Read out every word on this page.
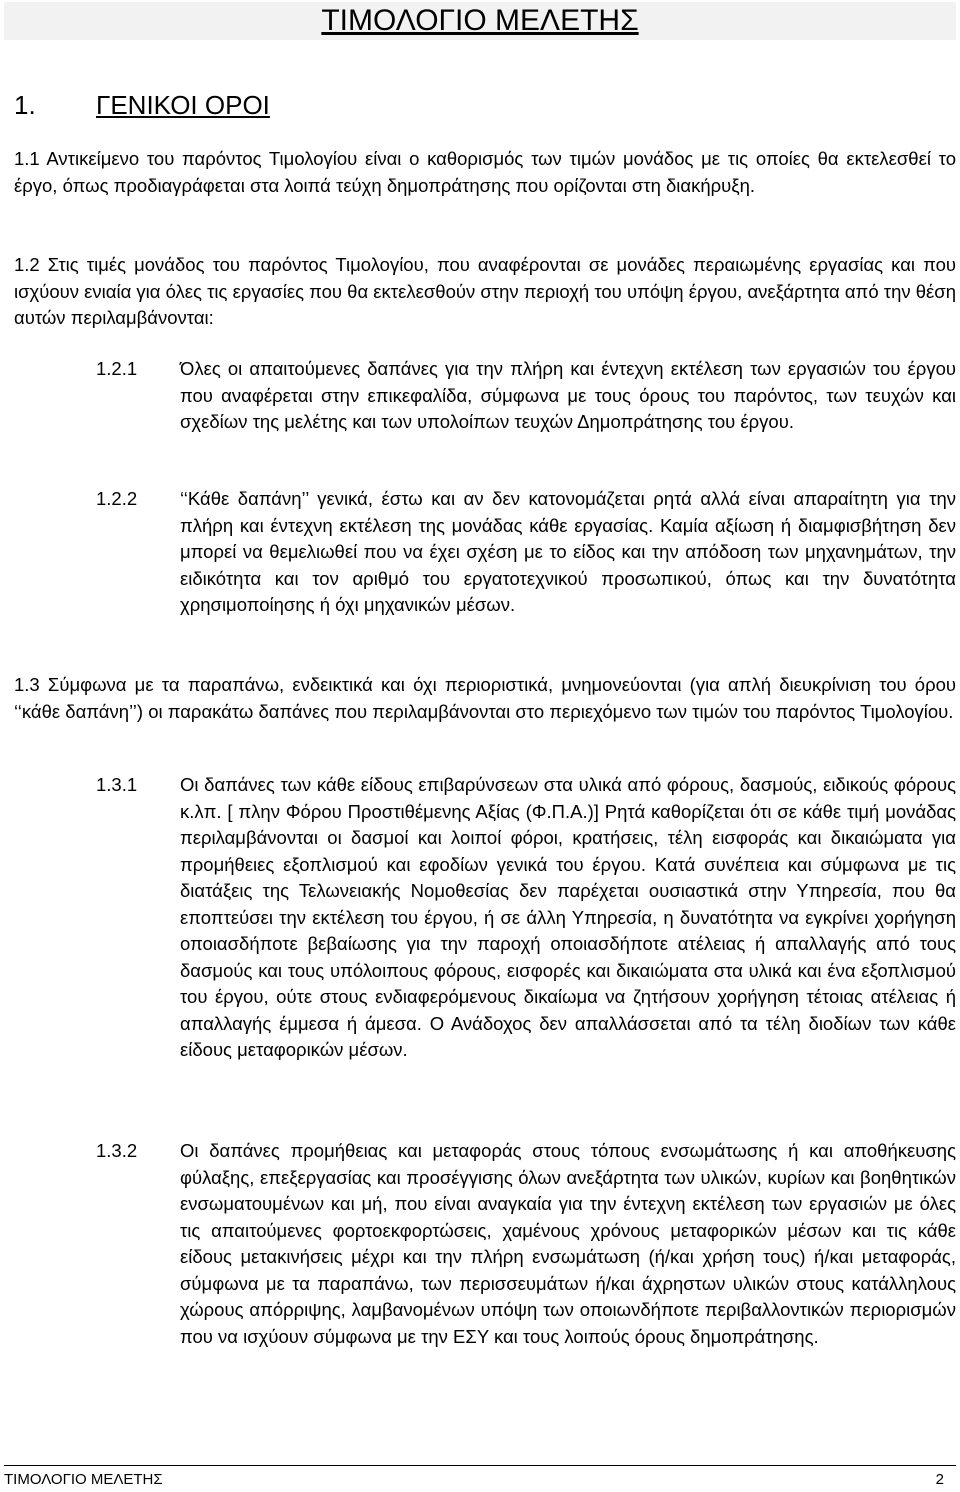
ΤΙΜΟΛΟΓΙΟ ΜΕΛΕΤΗΣ
1. ΓΕΝΙΚΟΙ ΟΡΟΙ
1.1 Αντικείμενο του παρόντος Τιμολογίου είναι ο καθορισμός των τιμών μονάδος με τις οποίες θα εκτελεσθεί το έργο, όπως προδιαγράφεται στα λοιπά τεύχη δημοπράτησης που ορίζονται στη διακήρυξη.
1.2 Στις τιμές μονάδος του παρόντος Τιμολογίου, που αναφέρονται σε μονάδες περαιωμένης εργασίας και που ισχύουν ενιαία για όλες τις εργασίες που θα εκτελεσθούν στην περιοχή του υπόψη έργου, ανεξάρτητα από την θέση αυτών περιλαμβάνονται:
1.2.1 Όλες οι απαιτούμενες δαπάνες για την πλήρη και έντεχνη εκτέλεση των εργασιών του έργου που αναφέρεται στην επικεφαλίδα, σύμφωνα με τους όρους του παρόντος, των τευχών και σχεδίων της μελέτης και των υπολοίπων τευχών Δημοπράτησης του έργου.
1.2.2 ‘‘Κάθε δαπάνη’’ γενικά, έστω και αν δεν κατονομάζεται ρητά αλλά είναι απαραίτητη για την πλήρη και έντεχνη εκτέλεση της μονάδας κάθε εργασίας. Καμία αξίωση ή διαμφισβήτηση δεν μπορεί να θεμελιωθεί που να έχει σχέση με το είδος και την απόδοση των μηχανημάτων, την ειδικότητα και τον αριθμό του εργατοτεχνικού προσωπικού, όπως και την δυνατότητα χρησιμοποίησης ή όχι μηχανικών μέσων.
1.3 Σύμφωνα με τα παραπάνω, ενδεικτικά και όχι περιοριστικά, μνημονεύονται (για απλή διευκρίνιση του όρου ‘‘κάθε δαπάνη’’) οι παρακάτω δαπάνες που περιλαμβάνονται στο περιεχόμενο των τιμών του παρόντος Τιμολογίου.
1.3.1 Οι δαπάνες των κάθε είδους επιβαρύνσεων στα υλικά από φόρους, δασμούς, ειδικούς φόρους κ.λπ. [ πλην Φόρου Προστιθέμενης Αξίας (Φ.Π.Α.)] Ρητά καθορίζεται ότι σε κάθε τιμή μονάδας περιλαμβάνονται οι δασμοί και λοιποί φόροι, κρατήσεις, τέλη εισφοράς και δικαιώματα για προμήθειες εξοπλισμού και εφοδίων γενικά του έργου. Κατά συνέπεια και σύμφωνα με τις διατάξεις της Τελωνειακής Νομοθεσίας δεν παρέχεται ουσιαστικά στην Υπηρεσία, που θα εποπτεύσει την εκτέλεση του έργου, ή σε άλλη Υπηρεσία, η δυνατότητα να εγκρίνει χορήγηση οποιασδήποτε βεβαίωσης για την παροχή οποιασδήποτε ατέλειας ή απαλλαγής από τους δασμούς και τους υπόλοιπους φόρους, εισφορές και δικαιώματα στα υλικά και ένα εξοπλισμού του έργου, ούτε στους ενδιαφερόμενους δικαίωμα να ζητήσουν χορήγηση τέτοιας ατέλειας ή απαλλαγής έμμεσα ή άμεσα. Ο Ανάδοχος δεν απαλλάσσεται από τα τέλη διοδίων των κάθε είδους μεταφορικών μέσων.
1.3.2 Οι δαπάνες προμήθειας και μεταφοράς στους τόπους ενσωμάτωσης ή και αποθήκευσης φύλαξης, επεξεργασίας και προσέγγισης όλων ανεξάρτητα των υλικών, κυρίων και βοηθητικών ενσωματουμένων και μή, που είναι αναγκαία για την έντεχνη εκτέλεση των εργασιών με όλες τις απαιτούμενες φορτοεκφορτώσεις, χαμένους χρόνους μεταφορικών μέσων και τις κάθε είδους μετακινήσεις μέχρι και την πλήρη ενσωμάτωση (ή/και χρήση τους) ή/και μεταφοράς, σύμφωνα με τα παραπάνω, των περισσευμάτων ή/και άχρηστων υλικών στους κατάλληλους χώρους απόρριψης, λαμβανομένων υπόψη των οποιωνδήποτε περιβαλλοντικών περιορισμών που να ισχύουν σύμφωνα με την ΕΣΥ και τους λοιπούς όρους δημοπράτησης.
ΤΙΜΟΛΟΓΙΟ ΜΕΛΕΤΗΣ	2
